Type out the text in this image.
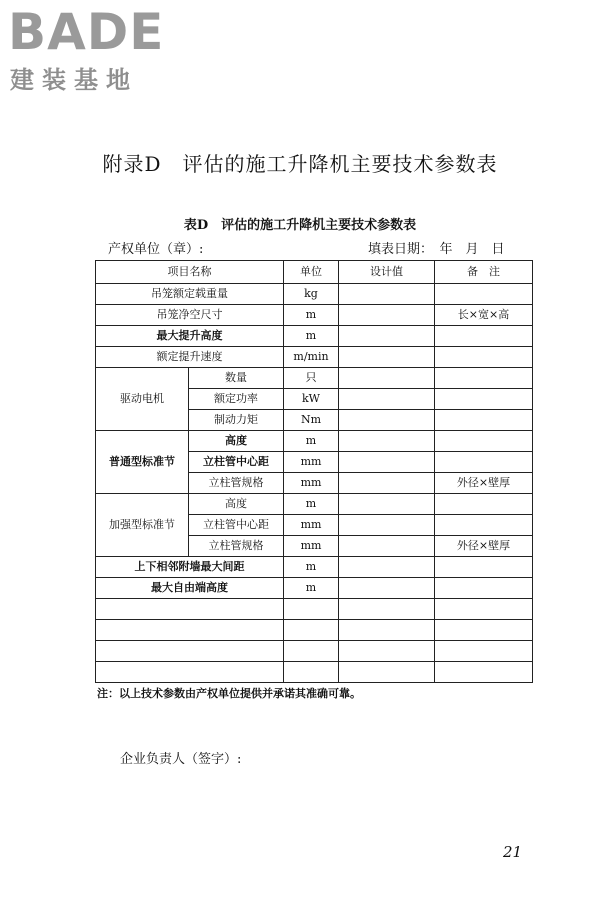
BADE
建装基地
附录D　评估的施工升降机主要技术参数表
表D　评估的施工升降机主要技术参数表
产权单位（章）:	填表日期：　年　月　日
项目名称		单位	设计值	备　注
吊笼额定载重量		kg		
吊笼净空尺寸		m		长×宽×高
最大提升高度		m		
额定提升速度		m/min		
驱动电机	数量	只		
	额定功率	kW		
	制动力矩	Nm		
普通型标准节	高度	m		
	立柱管中心距	mm		
	立柱管规格	mm		外径×壁厚
加强型标准节	高度	m		
	立柱管中心距	mm		
	立柱管规格	mm		外径×壁厚
上下相邻附墙最大间距		m		
最大自由端高度		m		

注：以上技术参数由产权单位提供并承诺其准确可靠。
企业负责人（签字）:
21
